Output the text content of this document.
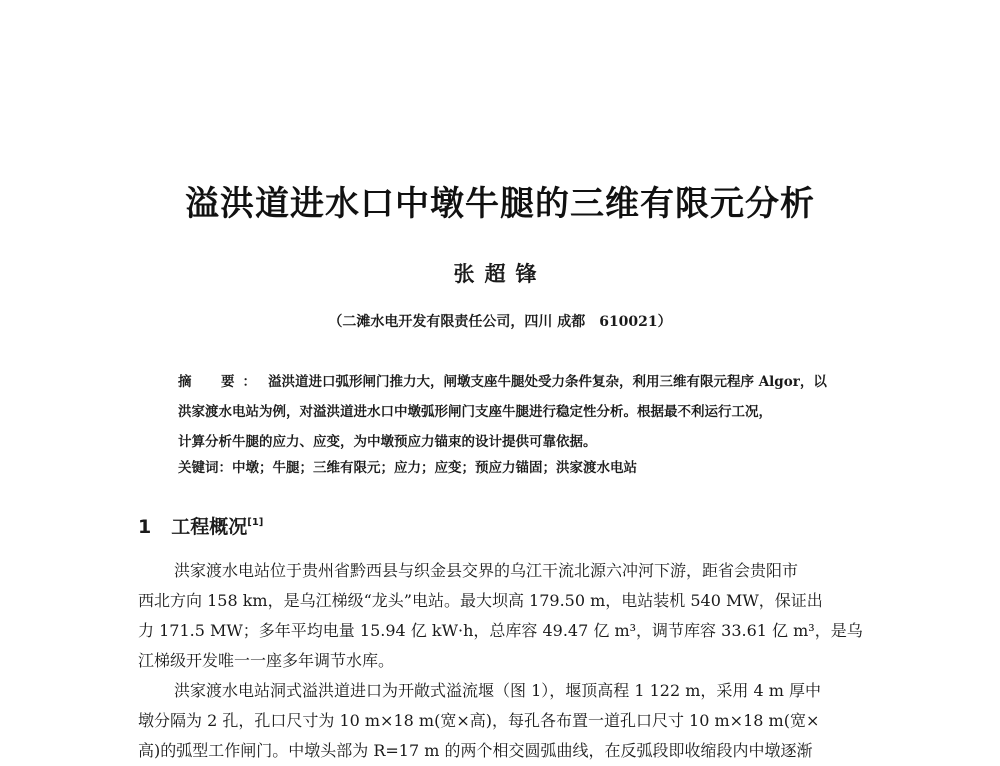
溢洪道进水口中墩牛腿的三维有限元分析
张超锋
（二滩水电开发有限责任公司，四川 成都　610021）
摘　要： 溢洪道进口弧形闸门推力大，闸墩支座牛腿处受力条件复杂，利用三维有限元程序 Algor，以
洪家渡水电站为例，对溢洪道进水口中墩弧形闸门支座牛腿进行稳定性分析。根据最不利运行工况，
计算分析牛腿的应力、应变，为中墩预应力锚束的设计提供可靠依据。
关键词：中墩；牛腿；三维有限元；应力；应变；预应力锚固；洪家渡水电站
1 工程概况[1]
洪家渡水电站位于贵州省黔西县与织金县交界的乌江干流北源六冲河下游，距省会贵阳市
西北方向 158 km，是乌江梯级“龙头”电站。最大坝高 179.50 m，电站装机 540 MW，保证出
力 171.5 MW；多年平均电量 15.94 亿 kW·h，总库容 49.47 亿 m³，调节库容 33.61 亿 m³，是乌
江梯级开发唯一一座多年调节水库。
洪家渡水电站洞式溢洪道进口为开敞式溢流堰（图 1），堰顶高程 1 122 m，采用 4 m 厚中
墩分隔为 2 孔，孔口尺寸为 10 m×18 m(宽×高)，每孔各布置一道孔口尺寸 10 m×18 m(宽×
高)的弧型工作闸门。中墩头部为 R=17 m 的两个相交圆弧曲线，在反弧段即收缩段内中墩逐渐
